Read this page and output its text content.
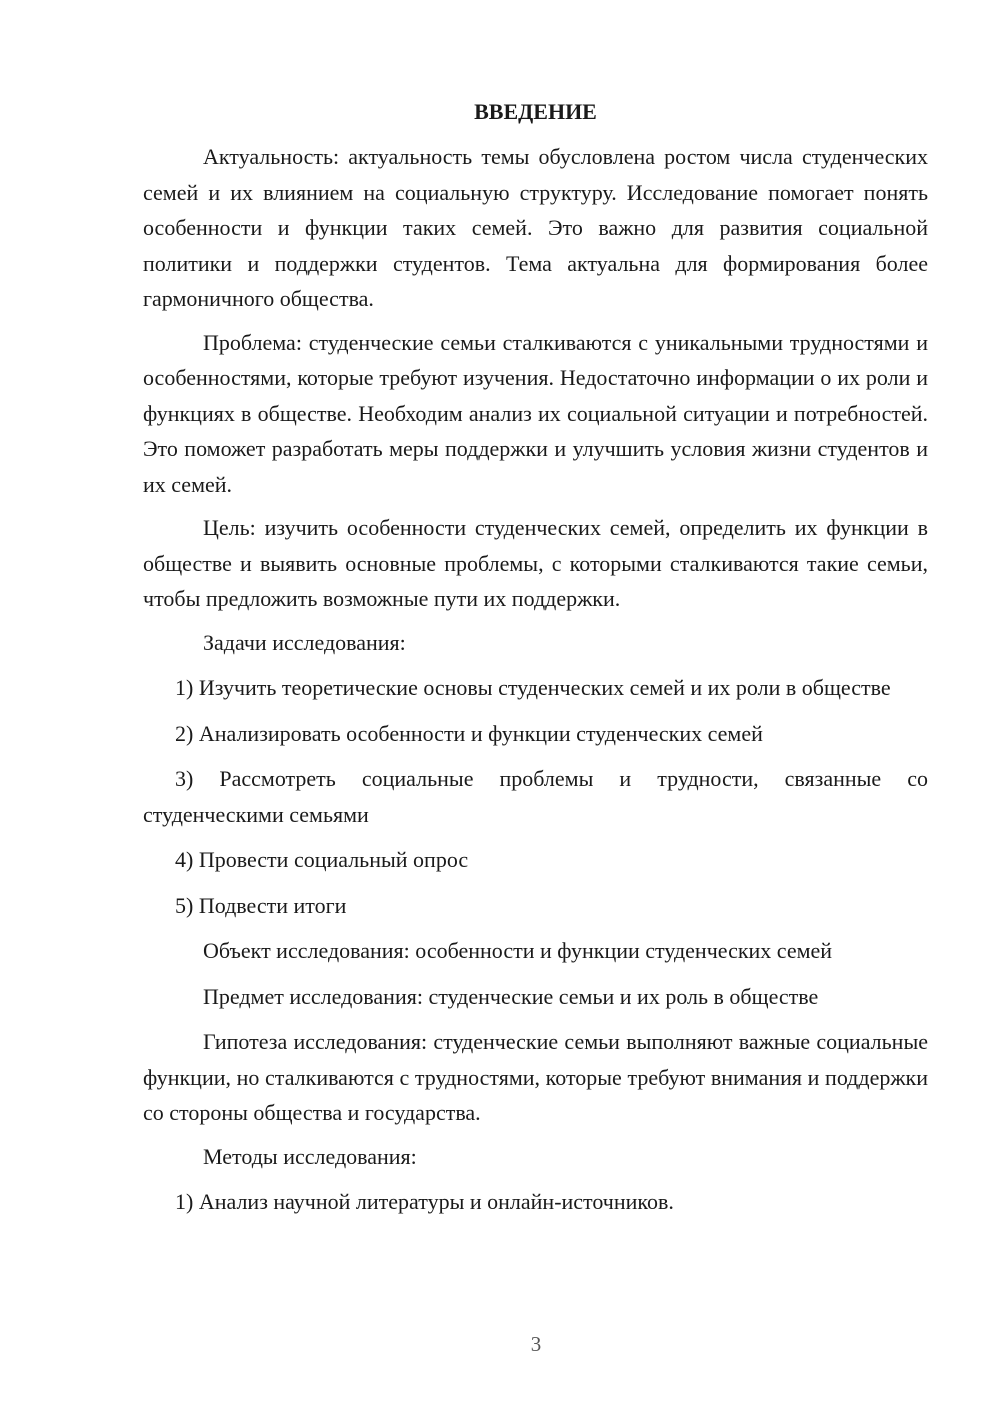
ВВЕДЕНИЕ

Актуальность: актуальность темы обусловлена ростом числа студенческих семей и их влиянием на социальную структуру. Исследование помогает понять особенности и функции таких семей. Это важно для развития социальной политики и поддержки студентов. Тема актуальна для формирования более гармоничного общества.

Проблема: студенческие семьи сталкиваются с уникальными трудностями и особенностями, которые требуют изучения. Недостаточно информации о их роли и функциях в обществе. Необходим анализ их социальной ситуации и потребностей. Это поможет разработать меры поддержки и улучшить условия жизни студентов и их семей.

Цель: изучить особенности студенческих семей, определить их функции в обществе и выявить основные проблемы, с которыми сталкиваются такие семьи, чтобы предложить возможные пути их поддержки.

Задачи исследования:

1) Изучить теоретические основы студенческих семей и их роли в обществе

2) Анализировать особенности и функции студенческих семей

3) Рассмотреть социальные проблемы и трудности, связанные со студенческими семьями

4) Провести социальный опрос

5) Подвести итоги

Объект исследования: особенности и функции студенческих семей

Предмет исследования: студенческие семьи и их роль в обществе

Гипотеза исследования: студенческие семьи выполняют важные социальные функции, но сталкиваются с трудностями, которые требуют внимания и поддержки со стороны общества и государства.

Методы исследования:

1) Анализ научной литературы и онлайн-источников.

3
